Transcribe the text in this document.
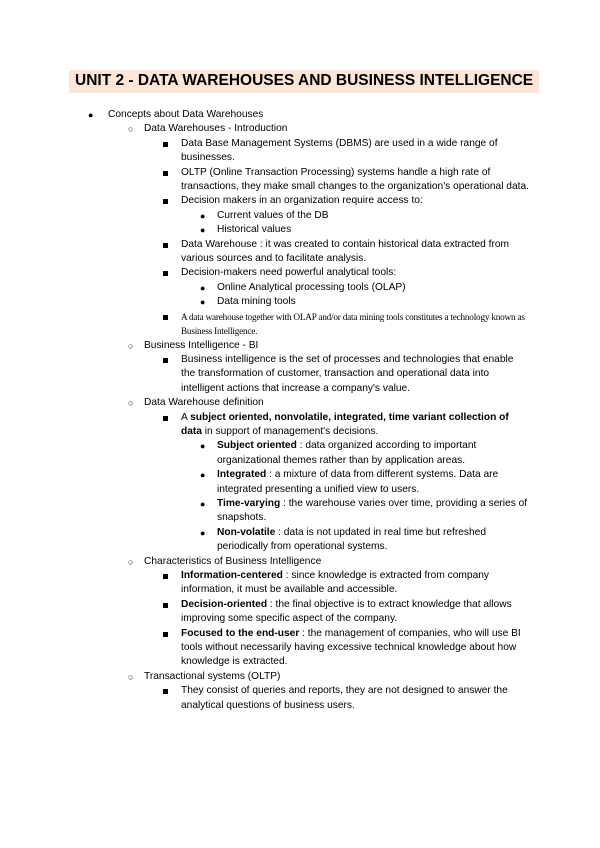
UNIT 2 - DATA WAREHOUSES AND BUSINESS INTELLIGENCE
● Concepts about Data Warehouses
○ Data Warehouses - Introduction
Data Base Management Systems (DBMS) are used in a wide range of businesses.
OLTP (Online Transaction Processing) systems handle a high rate of transactions, they make small changes to the organization's operational data.
Decision makers in an organization require access to:
● Current values of the DB
● Historical values
Data Warehouse : it was created to contain historical data extracted from various sources and to facilitate analysis.
Decision-makers need powerful analytical tools:
● Online Analytical processing tools (OLAP)
● Data mining tools
A data warehouse together with OLAP and/or data mining tools constitutes a technology known as Business Intelligence.
○ Business Intelligence - BI
Business intelligence is the set of processes and technologies that enable the transformation of customer, transaction and operational data into intelligent actions that increase a company's value.
○ Data Warehouse definition
A subject oriented, nonvolatile, integrated, time variant collection of data in support of management's decisions.
● Subject oriented : data organized according to important organizational themes rather than by application areas.
● Integrated : a mixture of data from different systems. Data are integrated presenting a unified view to users.
● Time-varying : the warehouse varies over time, providing a series of snapshots.
● Non-volatile : data is not updated in real time but refreshed periodically from operational systems.
○ Characteristics of Business Intelligence
Information-centered : since knowledge is extracted from company information, it must be available and accessible.
Decision-oriented : the final objective is to extract knowledge that allows improving some specific aspect of the company.
Focused to the end-user : the management of companies, who will use BI tools without necessarily having excessive technical knowledge about how knowledge is extracted.
○ Transactional systems (OLTP)
They consist of queries and reports, they are not designed to answer the analytical questions of business users.
